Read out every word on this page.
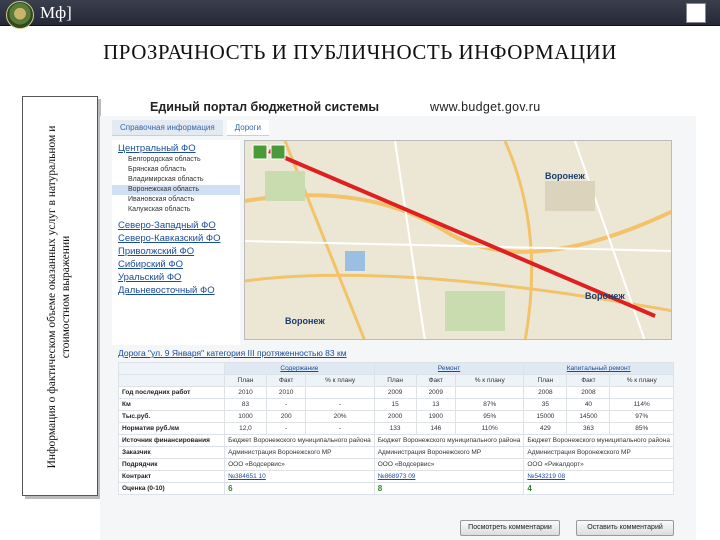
Мф]
ПРОЗРАЧНОСТЬ И ПУБЛИЧНОСТЬ ИНФОРМАЦИИ
Информация о фактическом объеме оказанных услуг в натуральном и стоимостном выражении
Единый портал бюджетной системы	www.budget.gov.ru
Справочная информация	Дороги
Центральный ФО
Белгородская область
Брянская область
Владимирская область
Воронежская область
Ивановская область
Калужская область
Северо-Западный ФО
Северо-Кавказский ФО
Приволжский ФО
Сибирский ФО
Уральский ФО
Дальневосточный ФО
Воронеж
Воронеж
Воронеж
Дорога "ул. 9 Января" категория III протяженностью 83 км
	Содержание			Ремонт			Капитальный ремонт		
	План	Факт	% к плану	План	Факт	% к плану	План	Факт	% к плану
Год последних работ	2010	2010		2009	2009		2008	2008	
Км	83	-	-	15	13	87%	35	40	114%
Тыс.руб.	1000	200	20%	2000	1900	95%	15000	14500	97%
Норматив руб./км	12,0	-	-	133	146	110%	429	363	85%
Источник финансирования	Бюджет Воронежского муниципального района			Бюджет Воронежского муниципального района			Бюджет Воронежского муниципального района		
Заказчик	Администрация Воронежского МР			Администрация Воронежского МР			Администрация Воронежского МР		
Подрядчик	ООО «Водсервис»			ООО «Водсервис»			ООО «Рикалдорт»		
Контракт	№384651 10			№868973 09			№543219 08		
Оценка (0-10)	6			8			4		
Посмотреть комментарии	Оставить комментарий
